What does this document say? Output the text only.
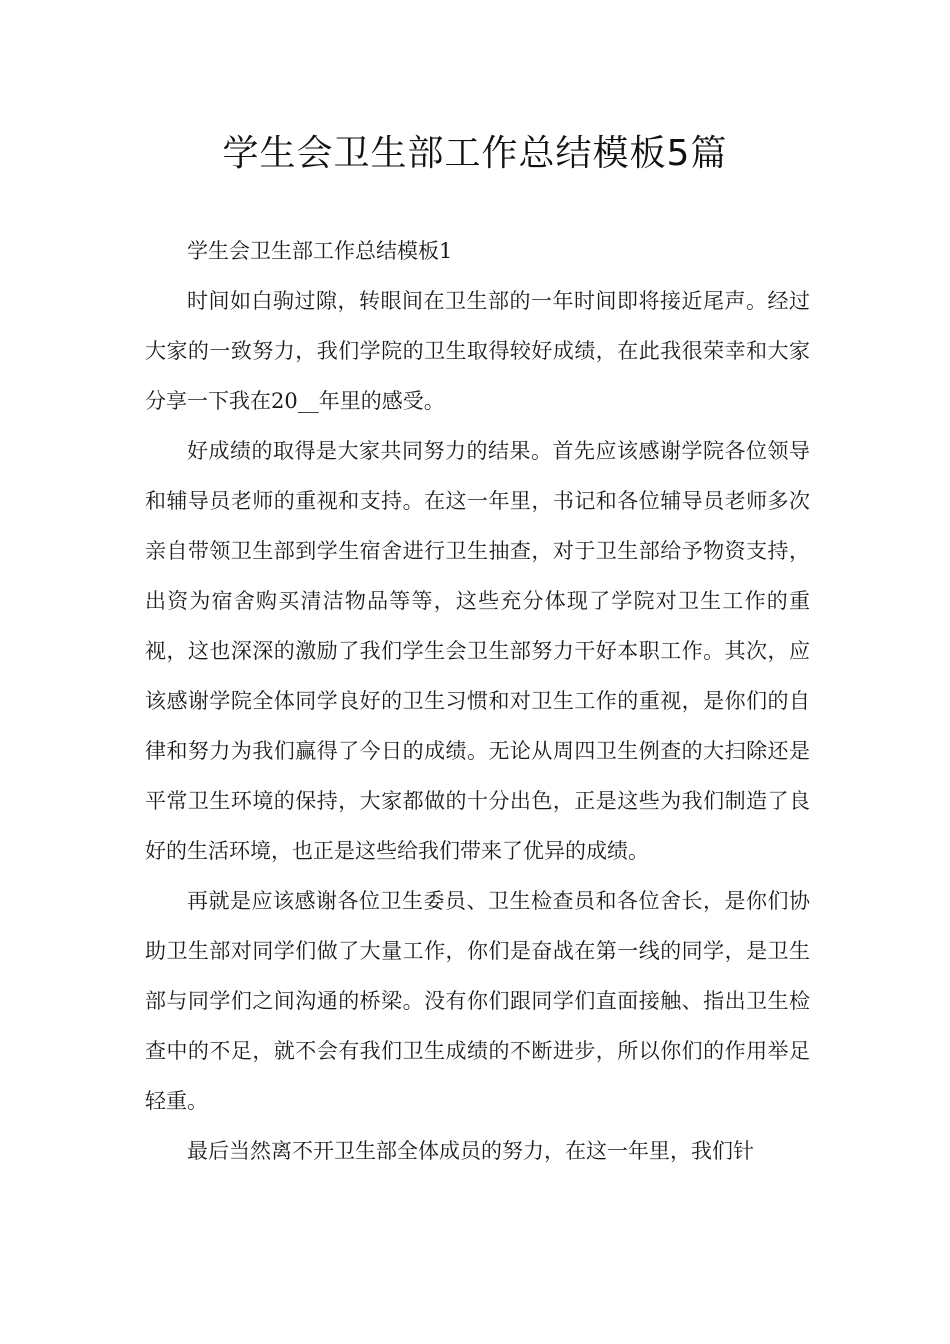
学生会卫生部工作总结模板5篇

学生会卫生部工作总结模板1

时间如白驹过隙，转眼间在卫生部的一年时间即将接近尾声。经过大家的一致努力，我们学院的卫生取得较好成绩，在此我很荣幸和大家分享一下我在20__年里的感受。

好成绩的取得是大家共同努力的结果。首先应该感谢学院各位领导和辅导员老师的重视和支持。在这一年里，书记和各位辅导员老师多次亲自带领卫生部到学生宿舍进行卫生抽查，对于卫生部给予物资支持，出资为宿舍购买清洁物品等等，这些充分体现了学院对卫生工作的重视，这也深深的激励了我们学生会卫生部努力干好本职工作。其次，应该感谢学院全体同学良好的卫生习惯和对卫生工作的重视，是你们的自律和努力为我们赢得了今日的成绩。无论从周四卫生例查的大扫除还是平常卫生环境的保持，大家都做的十分出色，正是这些为我们制造了良好的生活环境，也正是这些给我们带来了优异的成绩。

再就是应该感谢各位卫生委员、卫生检查员和各位舍长，是你们协助卫生部对同学们做了大量工作，你们是奋战在第一线的同学，是卫生部与同学们之间沟通的桥梁。没有你们跟同学们直面接触、指出卫生检查中的不足，就不会有我们卫生成绩的不断进步，所以你们的作用举足轻重。

最后当然离不开卫生部全体成员的努力，在这一年里，我们针
